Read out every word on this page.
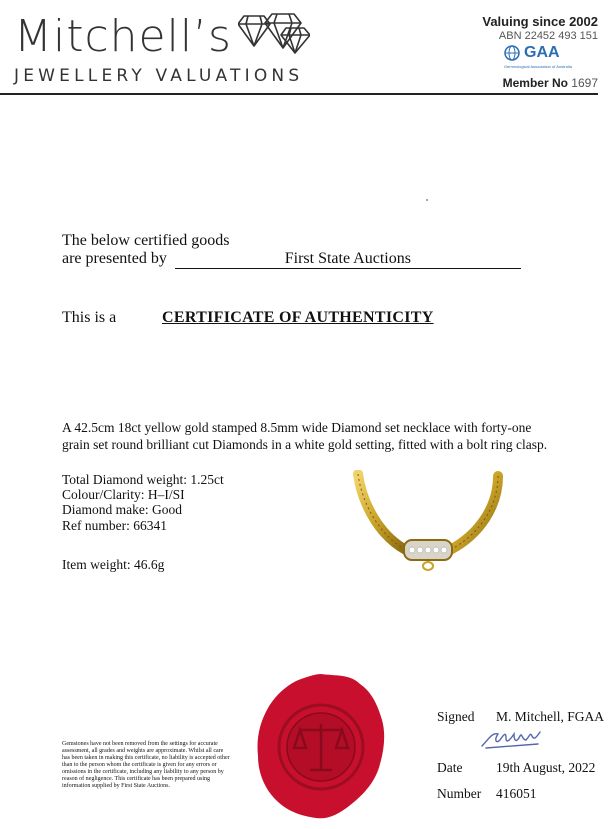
Mitchell’s
JEWELLERY VALUATIONS
Valuing since 2002
ABN 22452 493 151
GAA
Gemmological Association of Australia
Member No 1697
The below certified goods
are presented by	First State Auctions
This is a	CERTIFICATE OF AUTHENTICITY
A 42.5cm 18ct yellow gold stamped 8.5mm wide Diamond set necklace with forty-one grain set round brilliant cut Diamonds in a white gold setting, fitted with a bolt ring clasp.
Total Diamond weight: 1.25ct
Colour/Clarity: H–I/SI
Diamond make: Good
Ref number: 66341
Item weight: 46.6g
Gemstones have not been removed from the settings for accurate assessment, all grades and weights are approximate. Whilst all care has been taken in making this certificate, no liability is accepted other than to the person whom the certificate is given for any errors or omissions in the certificate, including any liability to any person by reason of negligence. This certificate has been prepared using information supplied by First State Auctions.
Signed M. Mitchell, FGAA
Date 19th August, 2022
Number 416051
